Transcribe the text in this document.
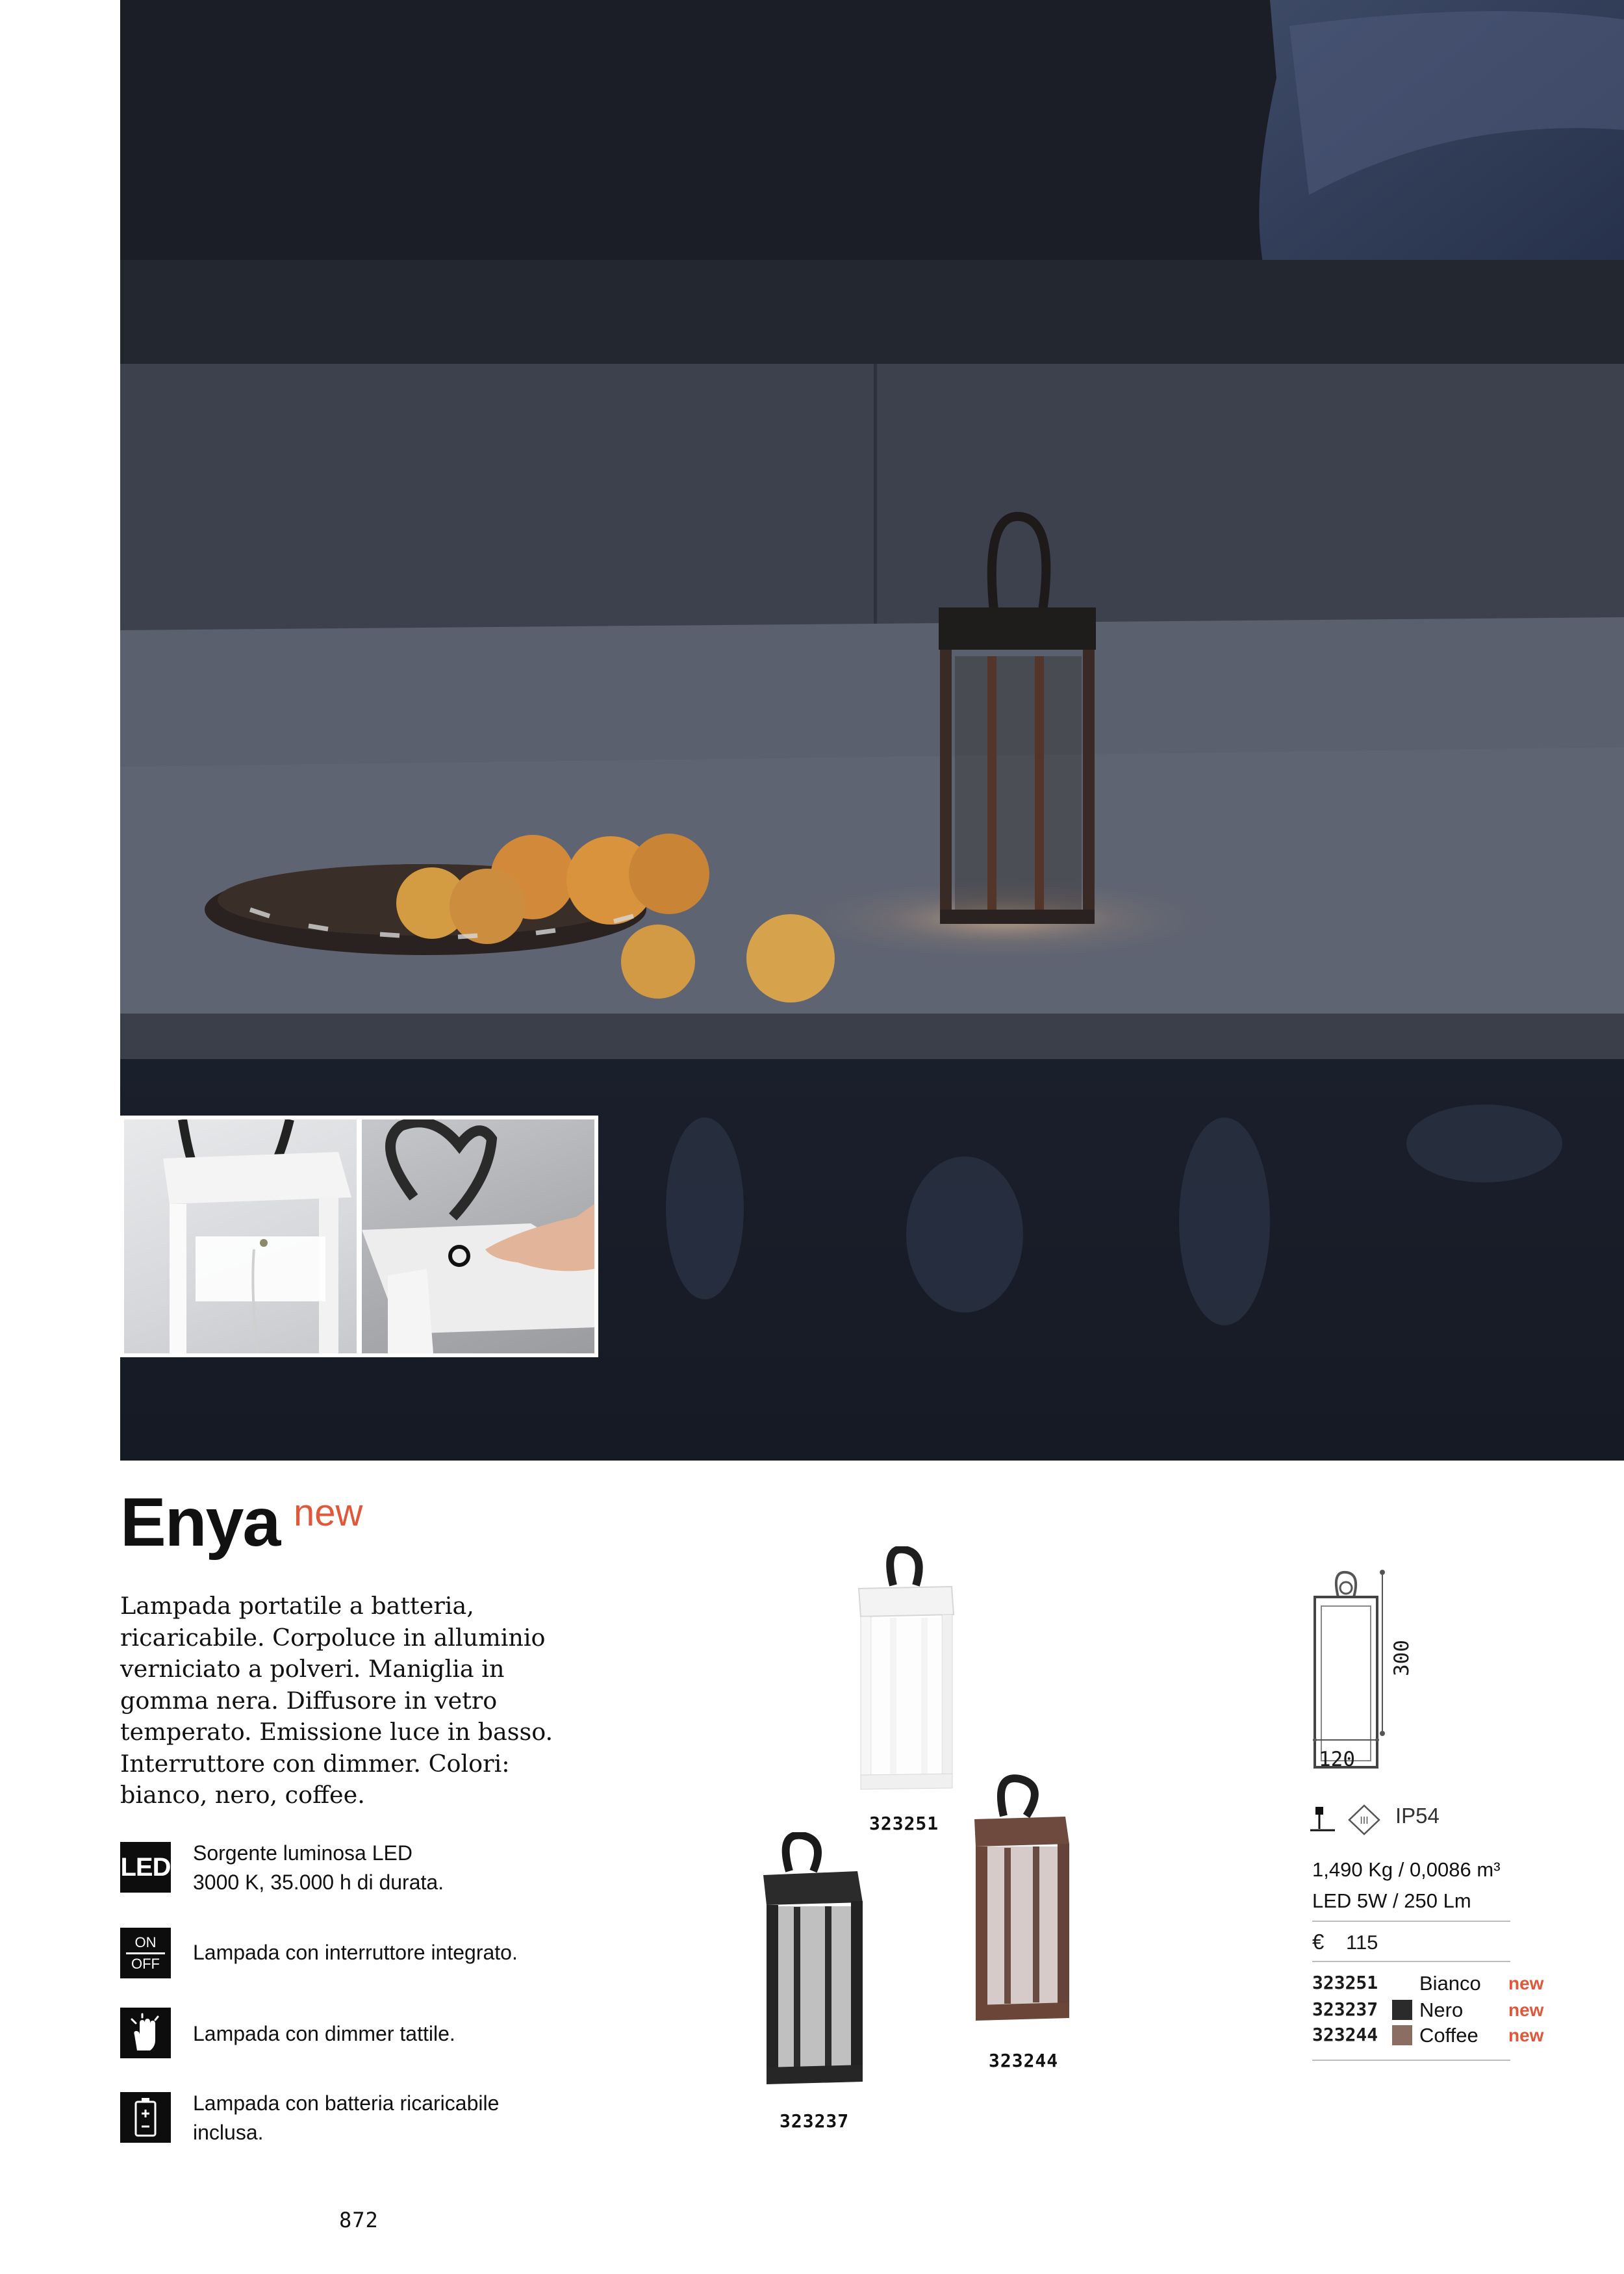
Enya new
Lampada portatile a batteria, ricaricabile. Corpoluce in alluminio verniciato a polveri. Maniglia in gomma nera. Diffusore in vetro temperato. Emissione luce in basso. Interruttore con dimmer. Colori: bianco, nero, coffee.
LED Sorgente luminosa LED
3000 K, 35.000 h di durata.
ON
OFF Lampada con interruttore integrato.
Lampada con dimmer tattile.
Lampada con batteria ricaricabile
inclusa.
323251
323237
323244
300
120
III IP54
1,490 Kg / 0,0086 m³
LED 5W / 250 Lm
€ 115
323251 Bianco new
323237 Nero new
323244 Coffee new
872
